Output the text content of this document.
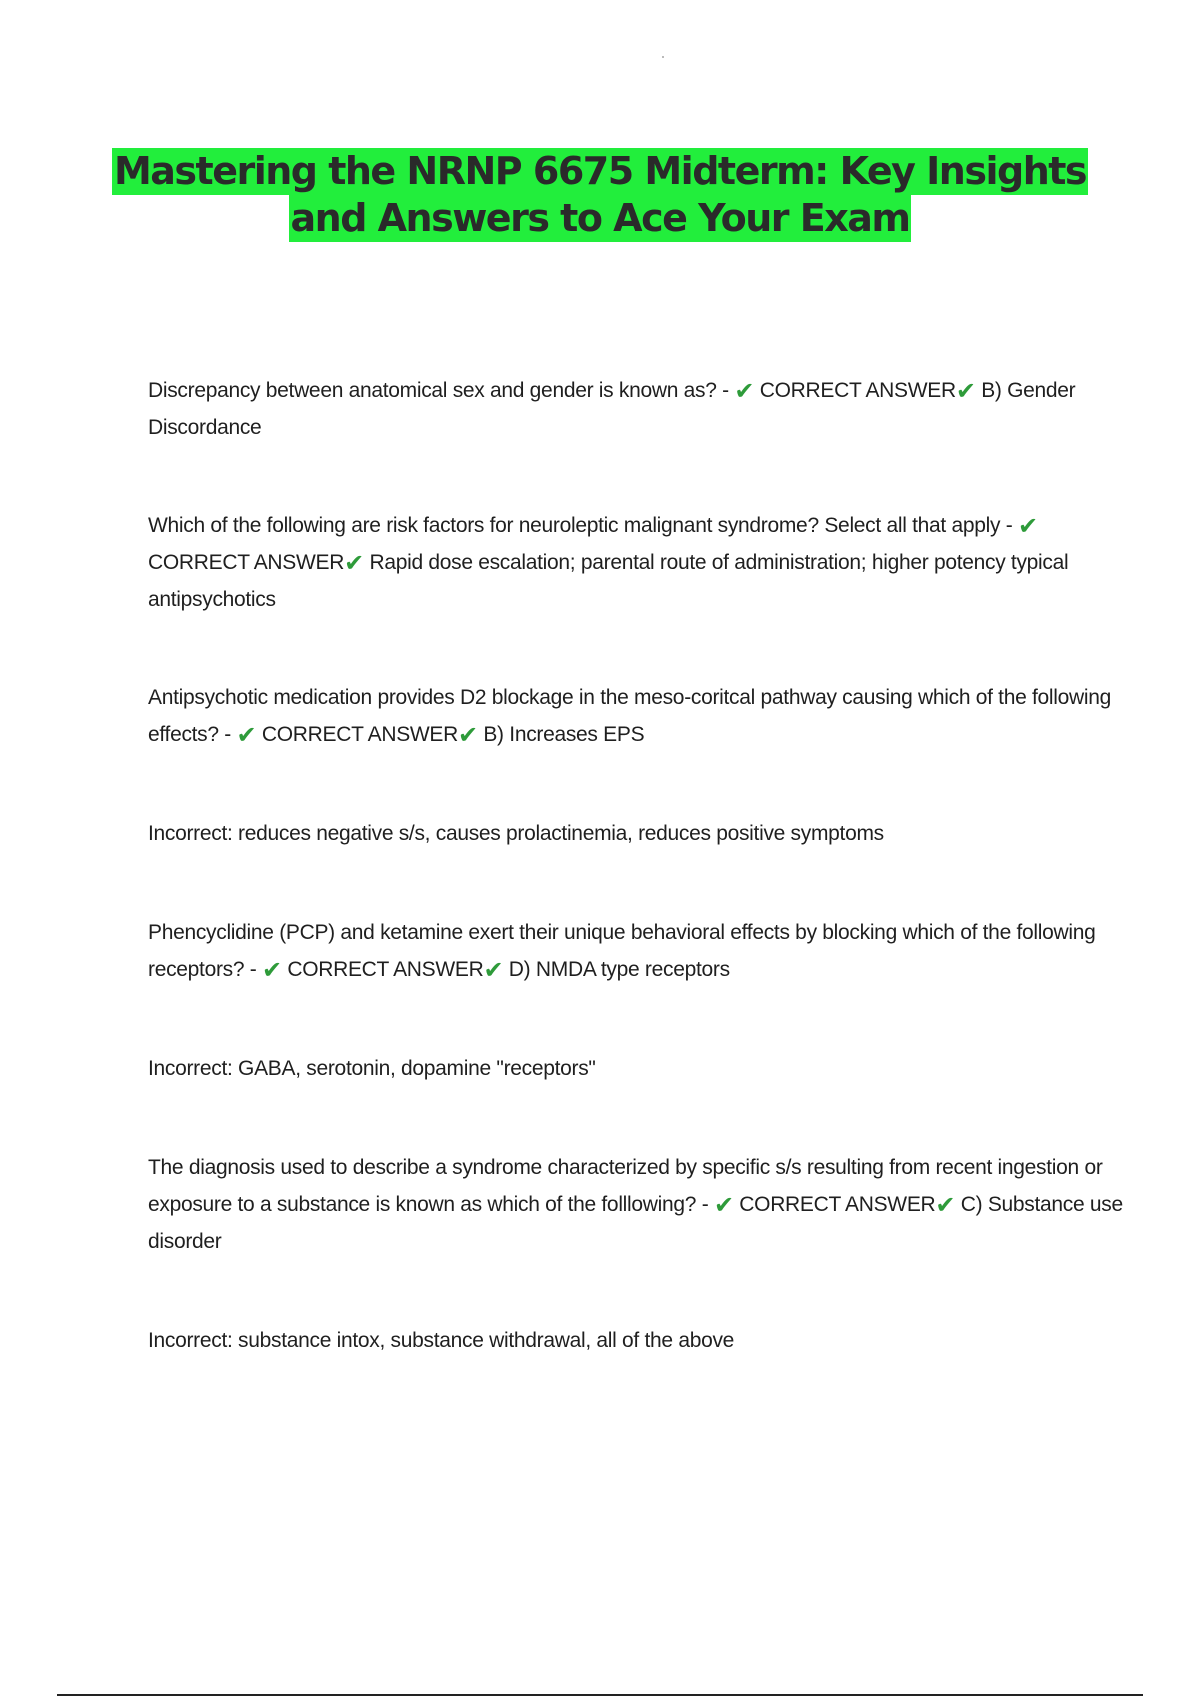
Mastering the NRNP 6675 Midterm: Key Insights
and Answers to Ace Your Exam

Discrepancy between anatomical sex and gender is known as? - ✔ CORRECT ANSWER✔ B) Gender Discordance

Which of the following are risk factors for neuroleptic malignant syndrome? Select all that apply - ✔ CORRECT ANSWER✔ Rapid dose escalation; parental route of administration; higher potency typical antipsychotics

Antipsychotic medication provides D2 blockage in the meso-coritcal pathway causing which of the following effects? - ✔ CORRECT ANSWER✔ B) Increases EPS

Incorrect: reduces negative s/s, causes prolactinemia, reduces positive symptoms

Phencyclidine (PCP) and ketamine exert their unique behavioral effects by blocking which of the following receptors? - ✔ CORRECT ANSWER✔ D) NMDA type receptors

Incorrect: GABA, serotonin, dopamine "receptors"

The diagnosis used to describe a syndrome characterized by specific s/s resulting from recent ingestion or exposure to a substance is known as which of the folllowing? - ✔ CORRECT ANSWER✔ C) Substance use disorder

Incorrect: substance intox, substance withdrawal, all of the above
